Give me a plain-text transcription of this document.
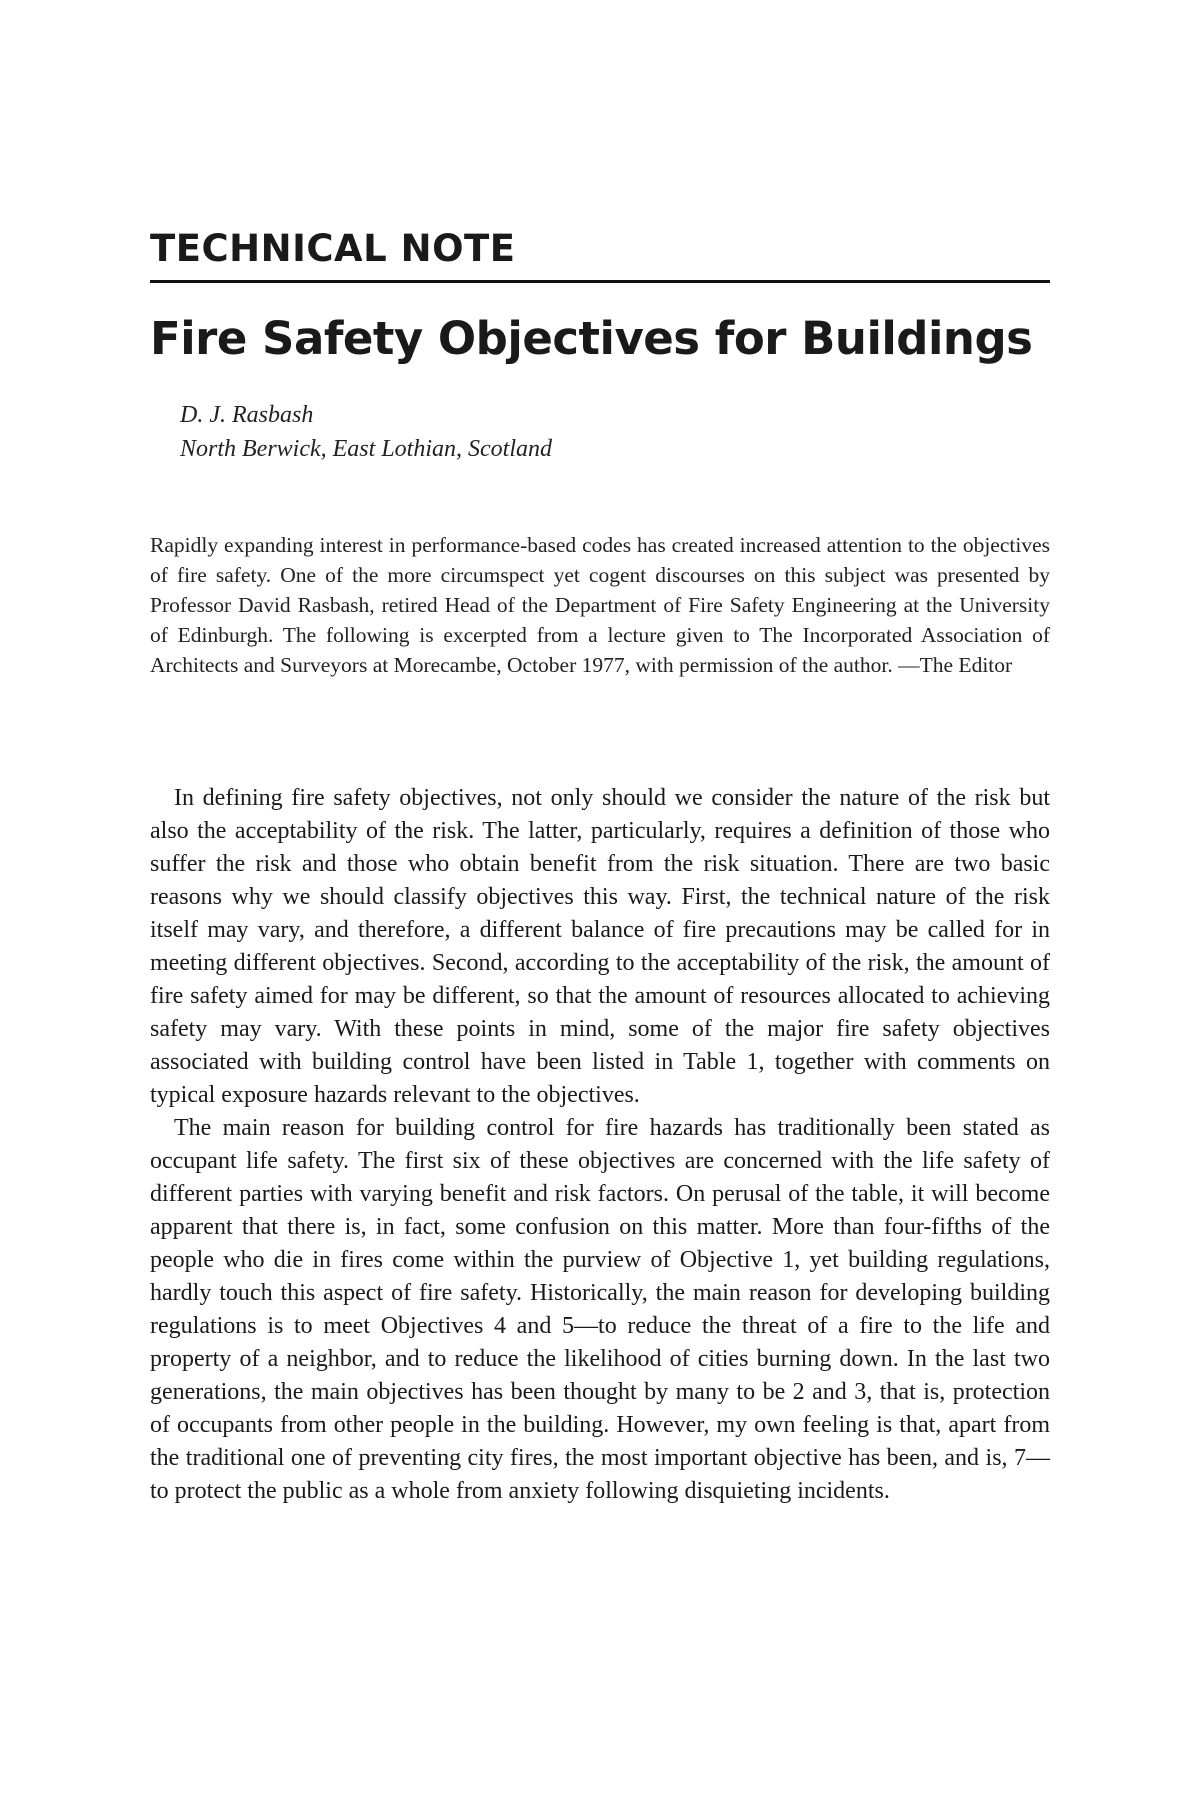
TECHNICAL NOTE
Fire Safety Objectives for Buildings
D. J. Rasbash
North Berwick, East Lothian, Scotland

Rapidly expanding interest in performance-based codes has created increased attention to the objectives of fire safety. One of the more circumspect yet cogent discourses on this subject was presented by Professor David Rasbash, retired Head of the Department of Fire Safety Engineering at the University of Edinburgh. The following is excerpted from a lecture given to The Incorporated Association of Architects and Surveyors at Morecambe, October 1977, with permission of the author. —The Editor

In defining fire safety objectives, not only should we consider the nature of the risk but also the acceptability of the risk. The latter, particularly, requires a definition of those who suffer the risk and those who obtain benefit from the risk situation. There are two basic reasons why we should classify objectives this way. First, the technical nature of the risk itself may vary, and therefore, a different balance of fire precautions may be called for in meeting different objectives. Second, according to the acceptability of the risk, the amount of fire safety aimed for may be different, so that the amount of resources allocated to achieving safety may vary. With these points in mind, some of the major fire safety objectives associated with building control have been listed in Table 1, together with comments on typical exposure hazards relevant to the objectives.

The main reason for building control for fire hazards has traditionally been stated as occupant life safety. The first six of these objectives are concerned with the life safety of different parties with varying benefit and risk factors. On perusal of the table, it will become apparent that there is, in fact, some confusion on this matter. More than four-fifths of the people who die in fires come within the purview of Objective 1, yet building regulations, hardly touch this aspect of fire safety. Historically, the main reason for developing building regulations is to meet Objectives 4 and 5—to reduce the threat of a fire to the life and property of a neighbor, and to reduce the likelihood of cities burning down. In the last two generations, the main objectives has been thought by many to be 2 and 3, that is, protection of occupants from other people in the building. However, my own feeling is that, apart from the traditional one of preventing city fires, the most important objective has been, and is, 7—to protect the public as a whole from anxiety following disquieting incidents.
